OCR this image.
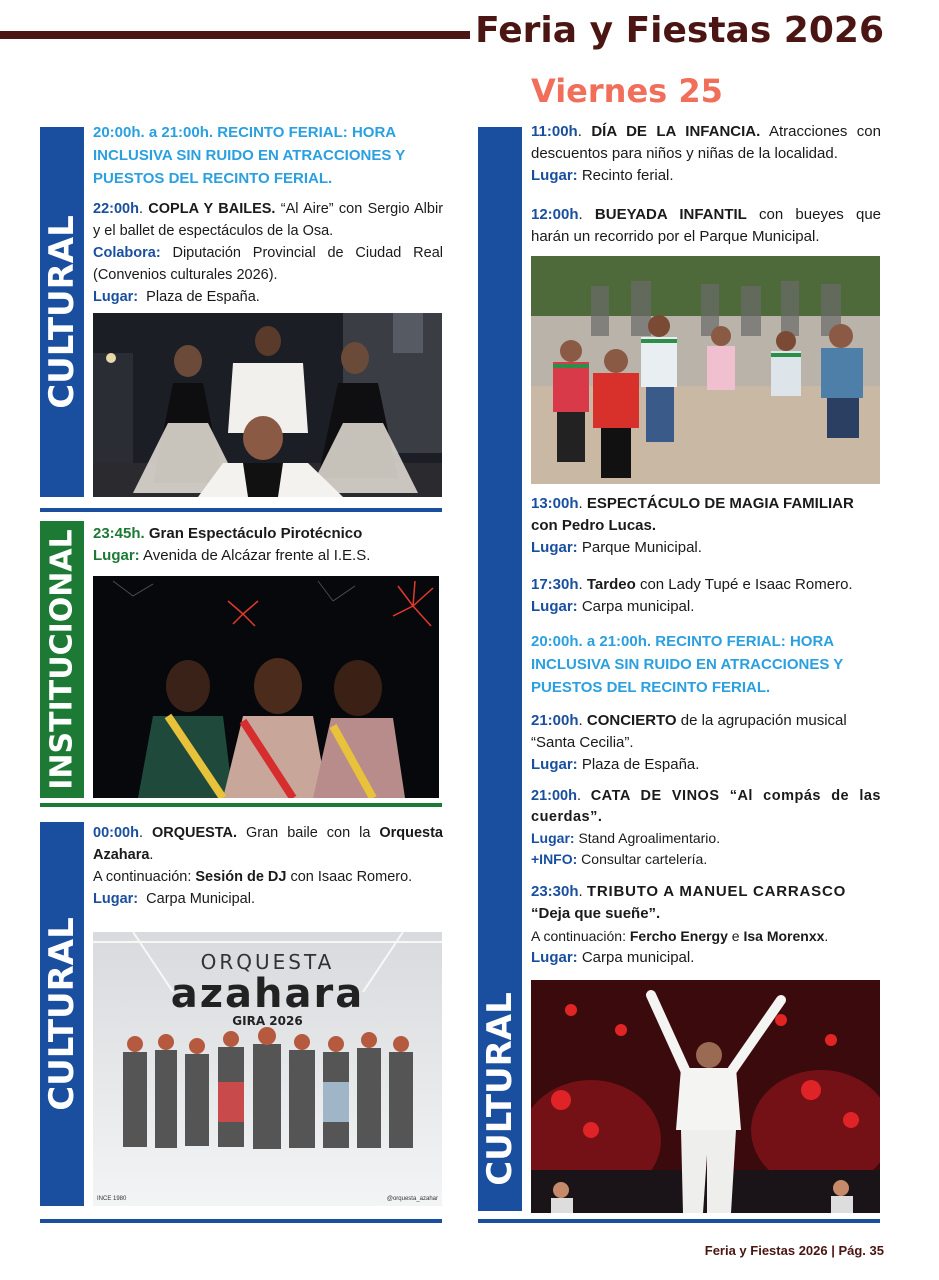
Feria y Fiestas 2026
Viernes 25
CULTURAL

20:00h. a 21:00h. RECINTO FERIAL: HORA INCLUSIVA SIN RUIDO EN ATRACCIONES Y PUESTOS DEL RECINTO FERIAL.

22:00h. COPLA Y BAILES. “Al Aire” con Sergio Albir y el ballet de espectáculos de la Osa.

Colabora: Diputación Provincial de Ciudad Real (Convenios culturales 2026).

Lugar: Plaza de España.

INSTITUCIONAL 23:45h. Gran Espectáculo Pirotécnico

Lugar: Avenida de Alcázar frente al I.E.S.

CULTURAL

00:00h. ORQUESTA. Gran baile con la Orquesta Azahara.

A continuación: Sesión de DJ con Isaac Romero.

Lugar: Carpa Municipal.

ORQUESTA
azahara
GIRA 2026
INCE 1980	@orquesta_azahar
CULTURAL

11:00h. DÍA DE LA INFANCIA. Atracciones con descuentos para niños y niñas de la localidad.

Lugar: Recinto ferial.

12:00h. BUEYADA INFANTIL con bueyes que harán un recorrido por el Parque Municipal.

13:00h. ESPECTÁCULO DE MAGIA FAMILIAR con Pedro Lucas.

Lugar: Parque Municipal.

17:30h. Tardeo con Lady Tupé e Isaac Romero.

Lugar: Carpa municipal.

20:00h. a 21:00h. RECINTO FERIAL: HORA INCLUSIVA SIN RUIDO EN ATRACCIONES Y PUESTOS DEL RECINTO FERIAL.

21:00h. CONCIERTO de la agrupación musical “Santa Cecilia”.

Lugar: Plaza de España.

21:00h. CATA DE VINOS “Al compás de las cuerdas”.

Lugar: Stand Agroalimentario.

+INFO: Consultar cartelería.

23:30h. TRIBUTO A MANUEL CARRASCO

“Deja que sueñe”.

A continuación: Fercho Energy e Isa Morenxx.

Lugar: Carpa municipal.

Feria y Fiestas 2026 | Pág. 35
